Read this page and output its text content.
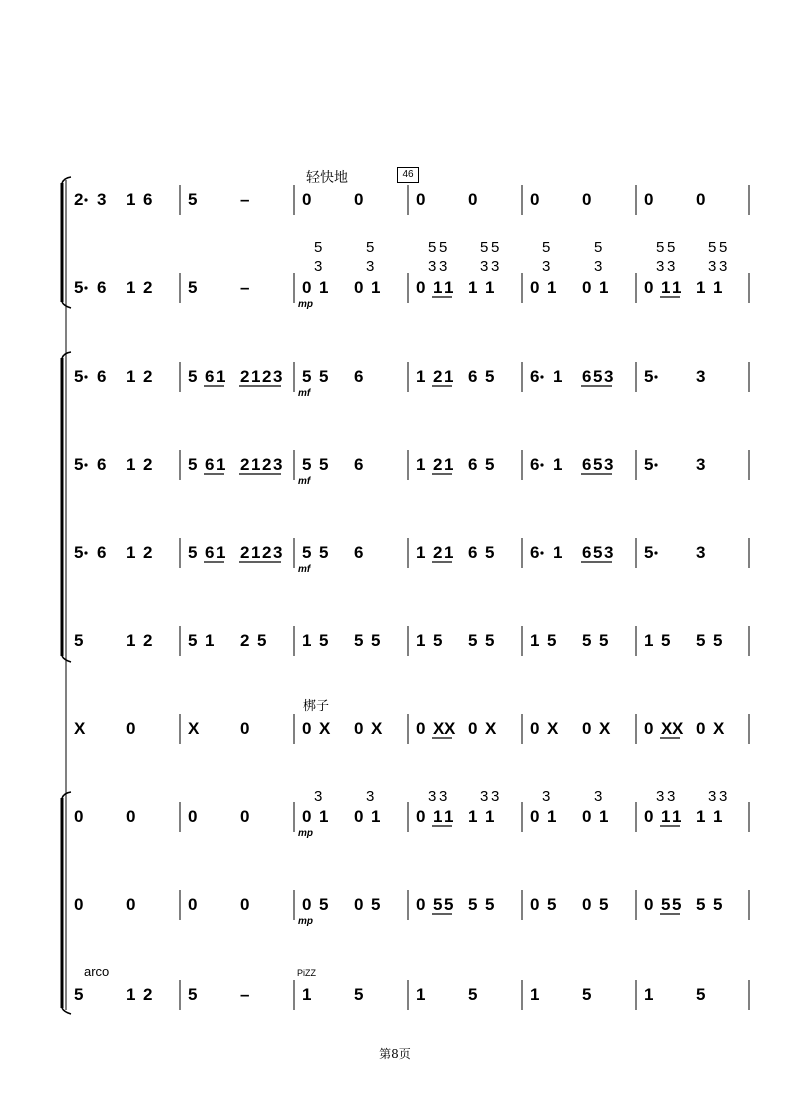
轻快地	46
梆子
arco	PiZZ
第8页
2 3 1 6 5	–	0	0	0	0	0	0	0	0
5 6 1 2 5	–	0 1 0 1 0 1 1 1 1 0 1 0 1 0 1 1 1 1
5	5
3	3
5 5 5 5
3 3 3 3
5	5
3	3
5 5 5 5
3 3 3 3
5 6 1 2 5 6 1 2 1 2 3 5 5 6	1 2 1 6 5 6 1 6 5 3 5	3
5 6 1 2 5 6 1 2 1 2 3 5 5 6	1 2 1 6 5 6 1 6 5 3 5	3
5 6 1 2 5 6 1 2 1 2 3 5 5 6	1 2 1 6 5 6 1 6 5 3 5	3
5	1 2 5 1 2 5 1 5 5 5 1 5 5 5 1 5 5 5 1 5 5 5
X 0	X 0	0 X 0 X 0 X X 0 X 0 X 0 X 0 X X 0 X
0	0	0	0	0 1 0 1 0 1 1 1 1 0 1 0 1 0 1 1 1 1
3	3	3 3 3 3	3	3	3 3 3 3
0	0	0	0	0 5 0 5 0 5 5 5 5 0 5 0 5 0 5 5 5 5
5	1 2 5	–	1	5	1	5	1	5	1	5
mp
mf
mf
mf
mp
mp
